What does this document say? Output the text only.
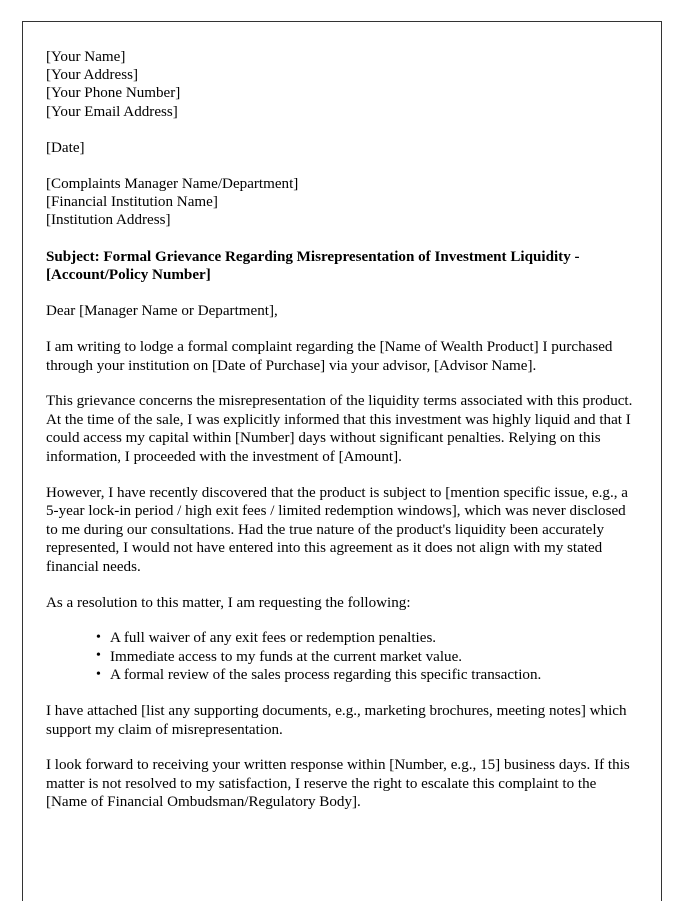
[Your Name]
[Your Address]
[Your Phone Number]
[Your Email Address]
[Date]
[Complaints Manager Name/Department]
[Financial Institution Name]
[Institution Address]
Subject: Formal Grievance Regarding Misrepresentation of Investment Liquidity - [Account/Policy Number]
Dear [Manager Name or Department],

I am writing to lodge a formal complaint regarding the [Name of Wealth Product] I purchased through your institution on [Date of Purchase] via your advisor, [Advisor Name].

This grievance concerns the misrepresentation of the liquidity terms associated with this product. At the time of the sale, I was explicitly informed that this investment was highly liquid and that I could access my capital within [Number] days without significant penalties. Relying on this information, I proceeded with the investment of [Amount].

However, I have recently discovered that the product is subject to [mention specific issue, e.g., a 5-year lock-in period / high exit fees / limited redemption windows], which was never disclosed to me during our consultations. Had the true nature of the product's liquidity been accurately represented, I would not have entered into this agreement as it does not align with my stated financial needs.

As a resolution to this matter, I am requesting the following:

• A full waiver of any exit fees or redemption penalties.
• Immediate access to my funds at the current market value.
• A formal review of the sales process regarding this specific transaction.

I have attached [list any supporting documents, e.g., marketing brochures, meeting notes] which support my claim of misrepresentation.

I look forward to receiving your written response within [Number, e.g., 15] business days. If this matter is not resolved to my satisfaction, I reserve the right to escalate this complaint to the [Name of Financial Ombudsman/Regulatory Body].
